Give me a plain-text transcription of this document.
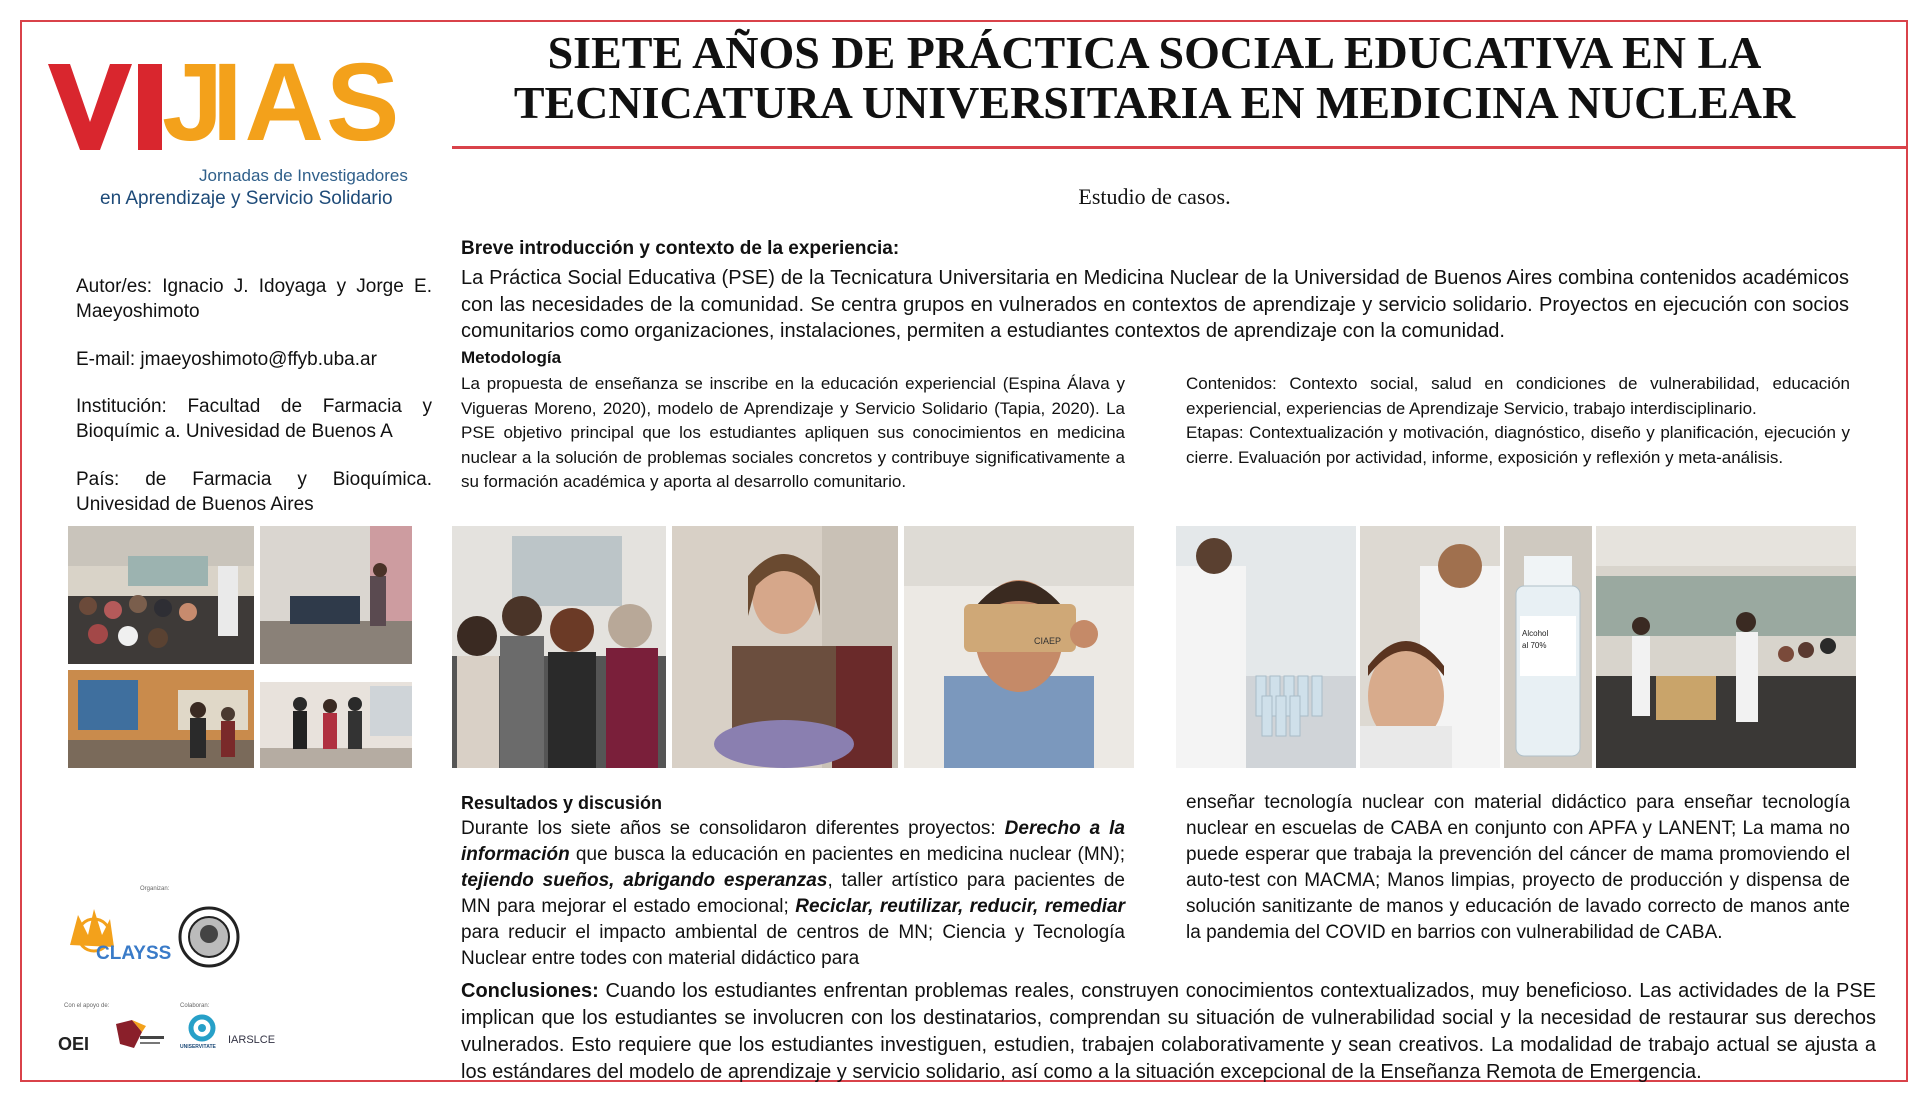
J
IAS
Jornadas de Investigadores
en Aprendizaje y Servicio Solidario
SIETE AÑOS DE PRÁCTICA SOCIAL EDUCATIVA EN LA
TECNICATURA UNIVERSITARIA EN MEDICINA NUCLEAR
Estudio de casos.
Autor/es: Ignacio J. Idoyaga y Jorge E. Maeyoshimoto
E-mail: jmaeyoshimoto@ffyb.uba.ar
Institución: Facultad de Farmacia y Bioquímic a. Univesidad de Buenos A
País: de Farmacia y Bioquímica. Univesidad de Buenos Aires
Breve introducción y contexto de la experiencia:
La Práctica Social Educativa (PSE) de la Tecnicatura Universitaria en Medicina Nuclear de la Universidad de Buenos Aires combina contenidos académicos con las necesidades de la comunidad. Se centra grupos en vulnerados en contextos de aprendizaje y servicio solidario. Proyectos en ejecución con socios comunitarios como organizaciones, instalaciones, permiten a estudiantes contextos de aprendizaje con la comunidad.
Metodología
La propuesta de enseñanza se inscribe en la educación experiencial (Espina Álava y Vigueras Moreno, 2020), modelo de Aprendizaje y Servicio Solidario (Tapia, 2020). La PSE objetivo principal que los estudiantes apliquen sus conocimientos en medicina nuclear a la solución de problemas sociales concretos y contribuye significativamente a su formación académica y aporta al desarrollo comunitario.
Contenidos: Contexto social, salud en condiciones de vulnerabilidad, educación experiencial, experiencias de Aprendizaje Servicio, trabajo interdisciplinario.
Etapas: Contextualización y motivación, diagnóstico, diseño y planificación, ejecución y cierre. Evaluación por actividad, informe, exposición y reflexión y meta-análisis.
CIAEP
Alcohol
al 70%
Resultados y discusión
Durante los siete años se consolidaron diferentes proyectos: Derecho a la información que busca la educación en pacientes en medicina nuclear (MN); tejiendo sueños, abrigando esperanzas, taller artístico para pacientes de MN para mejorar el estado emocional; Reciclar, reutilizar, reducir, remediar para reducir el impacto ambiental de centros de MN; Ciencia y Tecnología Nuclear entre todes con material didáctico para
enseñar tecnología nuclear con material didáctico para enseñar tecnología nuclear en escuelas de CABA en conjunto con APFA y LANENT; La mama no puede esperar que trabaja la prevención del cáncer de mama promoviendo el auto-test con MACMA; Manos limpias, proyecto de producción y dispensa de solución sanitizante de manos y educación de lavado correcto de manos ante la pandemia del COVID en barrios con vulnerabilidad de CABA.
Conclusiones: Cuando los estudiantes enfrentan problemas reales, construyen conocimientos contextualizados, muy beneficioso. Las actividades de la PSE implican que los estudiantes se involucren con los destinatarios, comprendan su situación de vulnerabilidad social y la necesidad de restaurar sus derechos vulnerados. Esto requiere que los estudiantes investiguen, estudien, trabajen colaborativamente y sean creativos. La modalidad de trabajo actual se ajusta a los estándares del modelo de aprendizaje y servicio solidario, así como a la situación excepcional de la Enseñanza Remota de Emergencia.
Organizan:
CLAYSS
Con el apoyo de:	Colaboran:
OEI	UNISERVITATE
IARSLCE
